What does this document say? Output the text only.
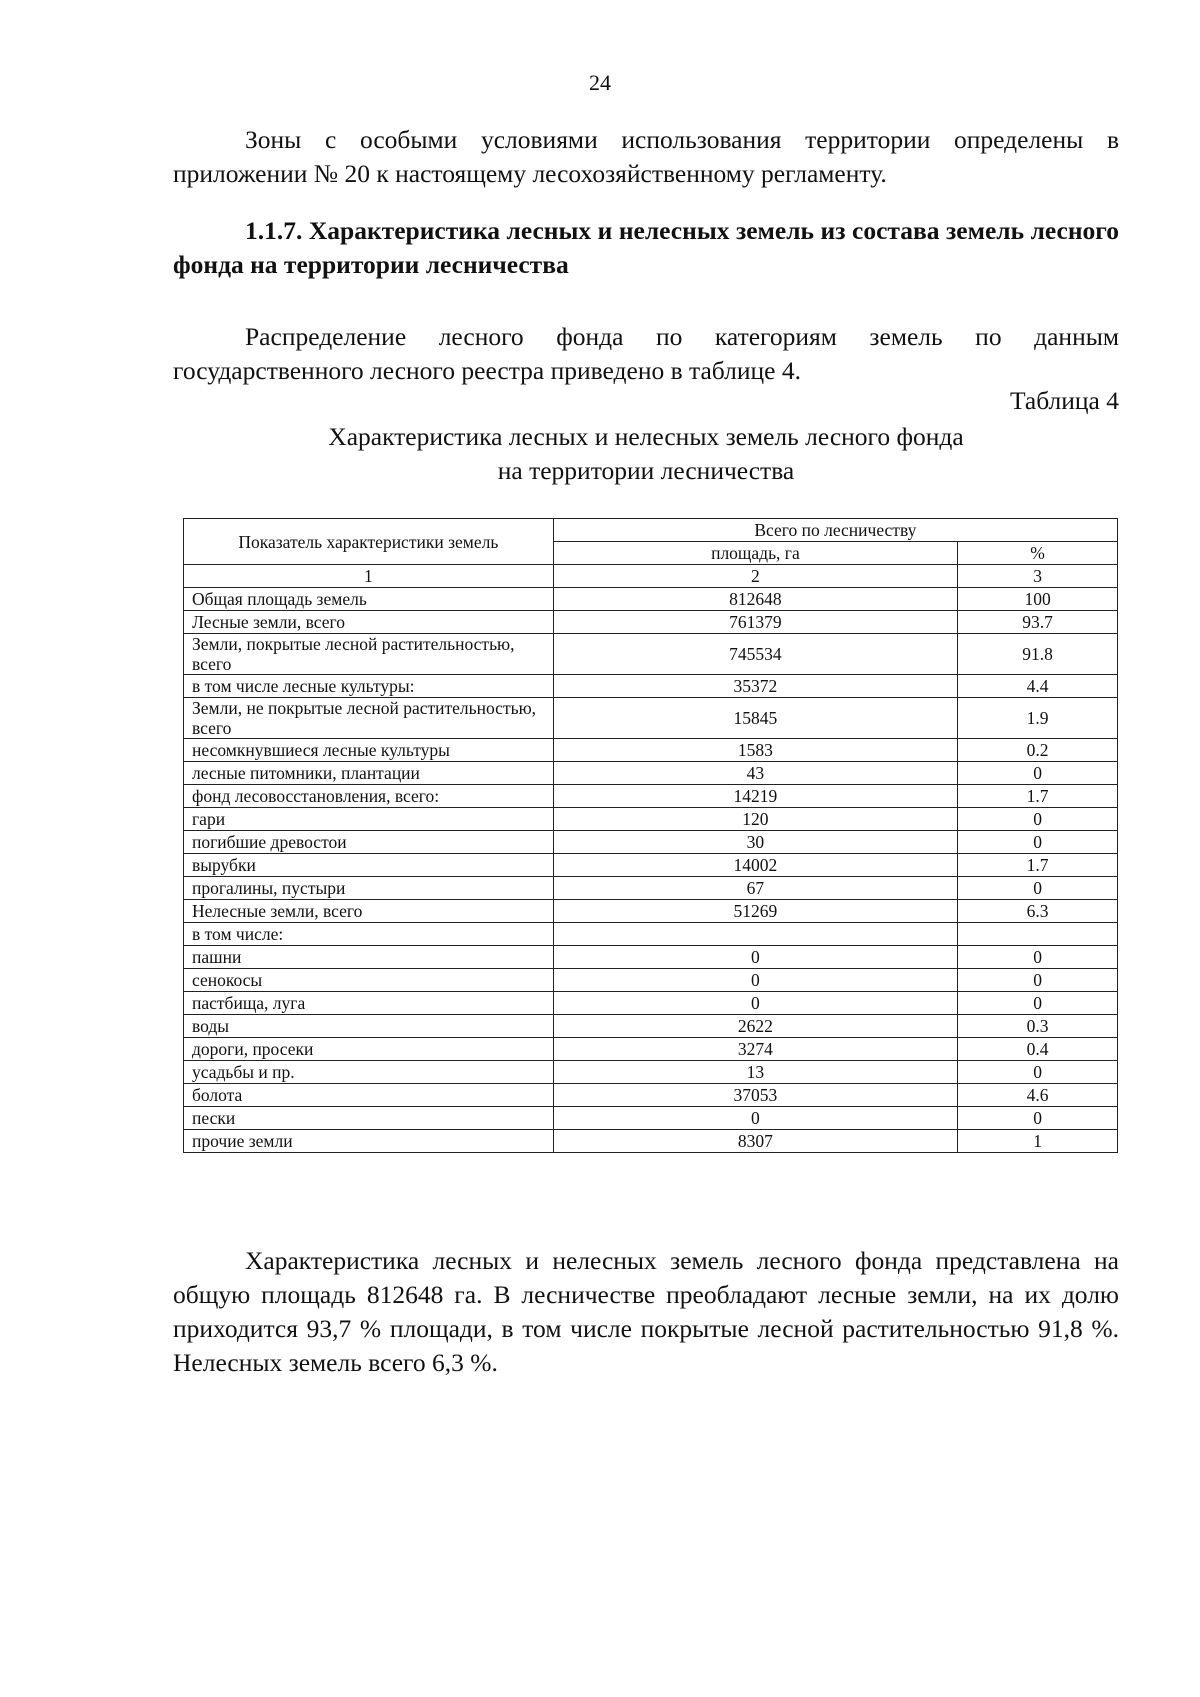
24

Зоны с особыми условиями использования территории определены в приложении № 20 к настоящему лесохозяйственному регламенту.

1.1.7. Характеристика лесных и нелесных земель из состава земель лесного фонда на территории лесничества

Распределение лесного фонда по категориям земель по данным государственного лесного реестра приведено в таблице 4.

Таблица 4
Характеристика лесных и нелесных земель лесного фонда
на территории лесничества
Показатель характеристики земель	Всего по лесничеству	
	площадь, га	%
1	2	3
Общая площадь земель	812648	100
Лесные земли, всего	761379	93.7
Земли, покрытые лесной растительностью, всего	745534	91.8
в том числе лесные культуры:	35372	4.4
Земли, не покрытые лесной растительностью, всего	15845	1.9
несомкнувшиеся лесные культуры	1583	0.2
лесные питомники, плантации	43	0
фонд лесовосстановления, всего:	14219	1.7
гари	120	0
погибшие древостои	30	0
вырубки	14002	1.7
прогалины, пустыри	67	0
Нелесные земли, всего	51269	6.3
в том числе:		
пашни	0	0
сенокосы	0	0
пастбища, луга	0	0
воды	2622	0.3
дороги, просеки	3274	0.4
усадьбы и пр.	13	0
болота	37053	4.6
пески	0	0
прочие земли	8307	1

Характеристика лесных и нелесных земель лесного фонда представлена на общую площадь 812648 га. В лесничестве преобладают лесные земли, на их долю приходится 93,7 % площади, в том числе покрытые лесной растительностью 91,8 %. Нелесных земель всего 6,3 %.
